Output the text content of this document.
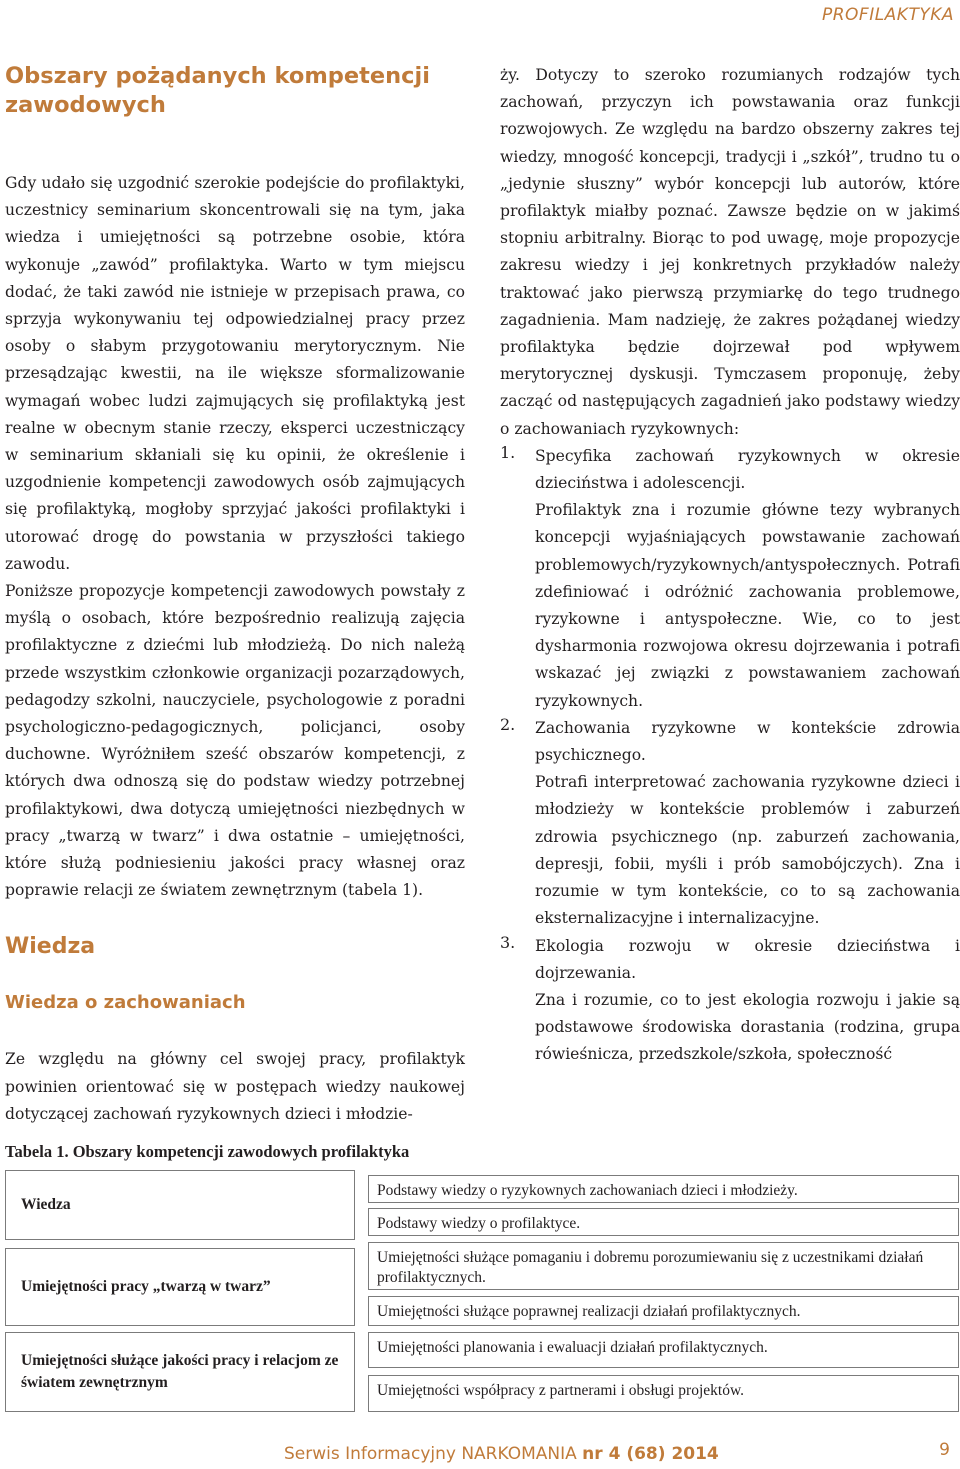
PROFILAKTYKA
Obszary pożądanych kompetencji zawodowych

Gdy udało się uzgodnić szerokie podejście do profilaktyki, uczestnicy seminarium skoncentrowali się na tym, jaka wiedza i umiejętności są potrzebne osobie, która wykonuje „zawód” profilaktyka. Warto w tym miejscu dodać, że taki zawód nie istnieje w przepisach prawa, co sprzyja wykonywaniu tej odpowiedzialnej pracy przez osoby o słabym przygotowaniu merytorycznym. Nie przesądzając kwestii, na ile większe sformalizowanie wymagań wobec ludzi zajmujących się profilaktyką jest realne w obecnym stanie rzeczy, eksperci uczestniczący w seminarium skłaniali się ku opinii, że określenie i uzgodnienie kompetencji zawodowych osób zajmujących się profilaktyką, mogłoby sprzyjać jakości profilaktyki i utorować drogę do powstania w przyszłości takiego zawodu.

Poniższe propozycje kompetencji zawodowych powstały z myślą o osobach, które bezpośrednio realizują zajęcia profilaktyczne z dziećmi lub młodzieżą. Do nich należą przede wszystkim członkowie organizacji pozarządowych, pedagodzy szkolni, nauczyciele, psychologowie z poradni psychologiczno-pedagogicznych, policjanci, osoby duchowne. Wyróżniłem sześć obszarów kompetencji, z których dwa odnoszą się do podstaw wiedzy potrzebnej profilaktykowi, dwa dotyczą umiejętności niezbędnych w pracy „twarzą w twarz” i dwa ostatnie – umiejętności, które służą podniesieniu jakości pracy własnej oraz poprawie relacji ze światem zewnętrznym (tabela 1).

Wiedza
Wiedza o zachowaniach

Ze względu na główny cel swojej pracy, profilaktyk powinien orientować się w postępach wiedzy naukowej dotyczącej zachowań ryzykownych dzieci i młodzie-

ży. Dotyczy to szeroko rozumianych rodzajów tych zachowań, przyczyn ich powstawania oraz funkcji rozwojowych. Ze względu na bardzo obszerny zakres tej wiedzy, mnogość koncepcji, tradycji i „szkół”, trudno tu o „jedynie słuszny” wybór koncepcji lub autorów, które profilaktyk miałby poznać. Zawsze będzie on w jakimś stopniu arbitralny. Biorąc to pod uwagę, moje propozycje zakresu wiedzy i jej konkretnych przykładów należy traktować jako pierwszą przymiarkę do tego trudnego zagadnienia. Mam nadzieję, że zakres pożądanej wiedzy profilaktyka będzie dojrzewał pod wpływem merytorycznej dyskusji. Tymczasem proponuję, żeby zacząć od następujących zagadnień jako podstawy wiedzy o zachowaniach ryzykownych:

1. Specyfika zachowań ryzykownych w okresie dzieciństwa i adolescencji.

Profilaktyk zna i rozumie główne tezy wybranych koncepcji wyjaśniających powstawanie zachowań problemowych/ryzykownych/antyspołecznych. Potrafi zdefiniować i odróżnić zachowania problemowe, ryzykowne i antyspołeczne. Wie, co to jest dysharmonia rozwojowa okresu dojrzewania i potrafi wskazać jej związki z powstawaniem zachowań ryzykownych.

2. Zachowania ryzykowne w kontekście zdrowia psychicznego.

Potrafi interpretować zachowania ryzykowne dzieci i młodzieży w kontekście problemów i zaburzeń zdrowia psychicznego (np. zaburzeń zachowania, depresji, fobii, myśli i prób samobójczych). Zna i rozumie w tym kontekście, co to są zachowania eksternalizacyjne i internalizacyjne.

3. Ekologia rozwoju w okresie dzieciństwa i dojrzewania.

Zna i rozumie, co to jest ekologia rozwoju i jakie są podstawowe środowiska dorastania (rodzina, grupa rówieśnicza, przedszkole/szkoła, społeczność

Tabela 1. Obszary kompetencji zawodowych profilaktyka
Wiedza
Podstawy wiedzy o ryzykownych zachowaniach dzieci i młodzieży.
Podstawy wiedzy o profilaktyce.
Umiejętności pracy „twarzą w twarz”
Umiejętności służące pomaganiu i dobremu porozumiewaniu się z uczestnikami działań profilaktycznych.
Umiejętności służące poprawnej realizacji działań profilaktycznych.
Umiejętności służące jakości pracy i relacjom ze światem zewnętrznym
Umiejętności planowania i ewaluacji działań profilaktycznych.
Umiejętności współpracy z partnerami i obsługi projektów.
Serwis Informacyjny NARKOMANIA nr 4 (68) 2014	9
